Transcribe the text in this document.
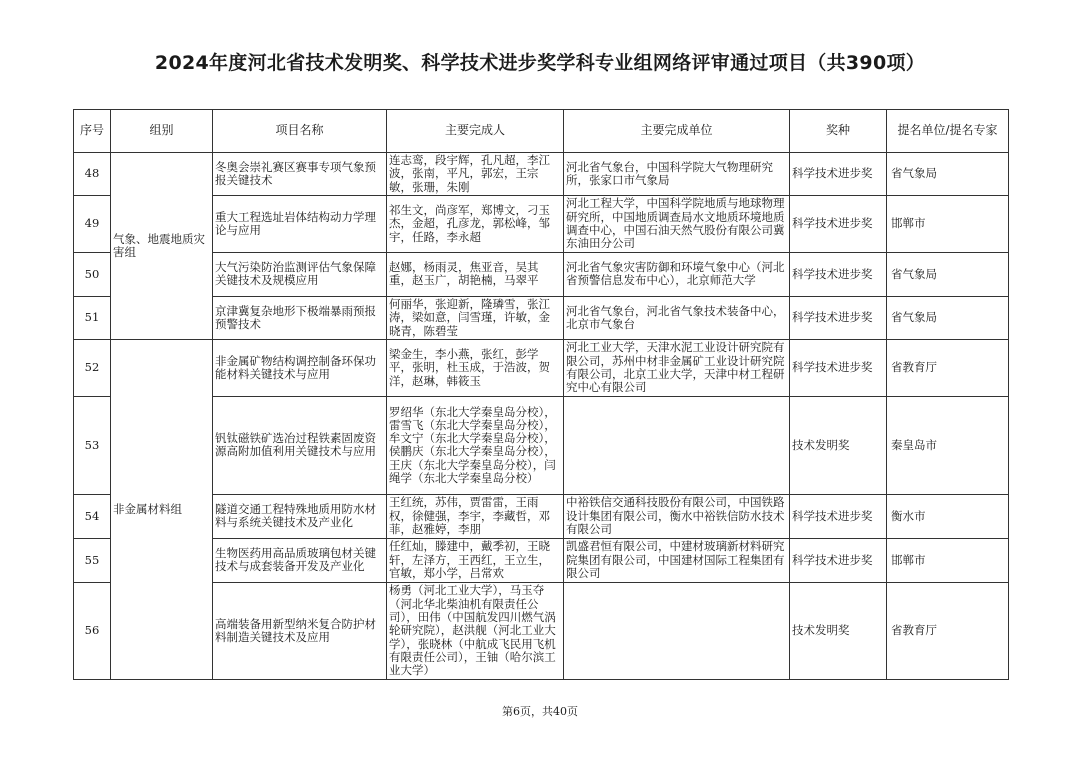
2024年度河北省技术发明奖、科学技术进步奖学科专业组网络评审通过项目（共390项）
序号	组别	项目名称	主要完成人	主要完成单位	奖种	提名单位/提名专家
48	气象、地震地质灾害组	冬奥会崇礼赛区赛事专项气象预报关键技术	连志鸾，段宇辉，孔凡超，李江波，张南，平凡，郭宏，王宗敏，张珊，朱刚	河北省气象台，中国科学院大气物理研究所，张家口市气象局	科学技术进步奖	省气象局
49		重大工程选址岩体结构动力学理论与应用	祁生文，尚彦军，郑博文，刁玉杰，金超，孔彦龙，郭松峰，邹宇，任路，李永超	河北工程大学，中国科学院地质与地球物理研究所，中国地质调查局水文地质环境地质调查中心，中国石油天然气股份有限公司冀东油田分公司	科学技术进步奖	邯郸市
50		大气污染防治监测评估气象保障关键技术及规模应用	赵娜，杨雨灵，焦亚音，吴其重，赵玉广，胡艳楠，马翠平	河北省气象灾害防御和环境气象中心（河北省预警信息发布中心），北京师范大学	科学技术进步奖	省气象局
51		京津冀复杂地形下极端暴雨预报预警技术	何丽华，张迎新，隆璘雪，张江涛，梁如意，闫雪瑾，许敏，金晓青，陈碧莹	河北省气象台，河北省气象技术装备中心，北京市气象台	科学技术进步奖	省气象局
52	非金属材料组	非金属矿物结构调控制备环保功能材料关键技术与应用	梁金生，李小燕，张红，彭学平，张明，杜玉成，于浩波，贺洋，赵琳，韩筱玉	河北工业大学，天津水泥工业设计研究院有限公司，苏州中材非金属矿工业设计研究院有限公司，北京工业大学，天津中材工程研究中心有限公司	科学技术进步奖	省教育厅
53		钒钛磁铁矿选冶过程铁素固废资源高附加值利用关键技术与应用	罗绍华（东北大学秦皇岛分校），雷雪飞（东北大学秦皇岛分校），牟文宁（东北大学秦皇岛分校），侯鹏庆（东北大学秦皇岛分校），王庆（东北大学秦皇岛分校），闫绳学（东北大学秦皇岛分校）		技术发明奖	秦皇岛市
54		隧道交通工程特殊地质用防水材料与系统关键技术及产业化	王红统，苏伟，贾雷雷，王雨权，徐健强，李宇，李藏哲，邓菲，赵雅婷，李朋	中裕铁信交通科技股份有限公司，中国铁路设计集团有限公司，衡水中裕铁信防水技术有限公司	科学技术进步奖	衡水市
55		生物医药用高品质玻璃包材关键技术与成套装备开发及产业化	任红灿，滕建中，戴季初，王晓轩，左泽方，王西红，王立生，官敏，郑小学，吕常欢	凯盛君恒有限公司，中建材玻璃新材料研究院集团有限公司，中国建材国际工程集团有限公司	科学技术进步奖	邯郸市
56		高端装备用新型纳米复合防护材料制造关键技术及应用	杨勇（河北工业大学），马玉夺（河北华北柴油机有限责任公司），田伟（中国航发四川燃气涡轮研究院），赵洪舰（河北工业大学），张晓林（中航成飞民用飞机有限责任公司），王铀（哈尔滨工业大学）		技术发明奖	省教育厅
第6页，共40页
